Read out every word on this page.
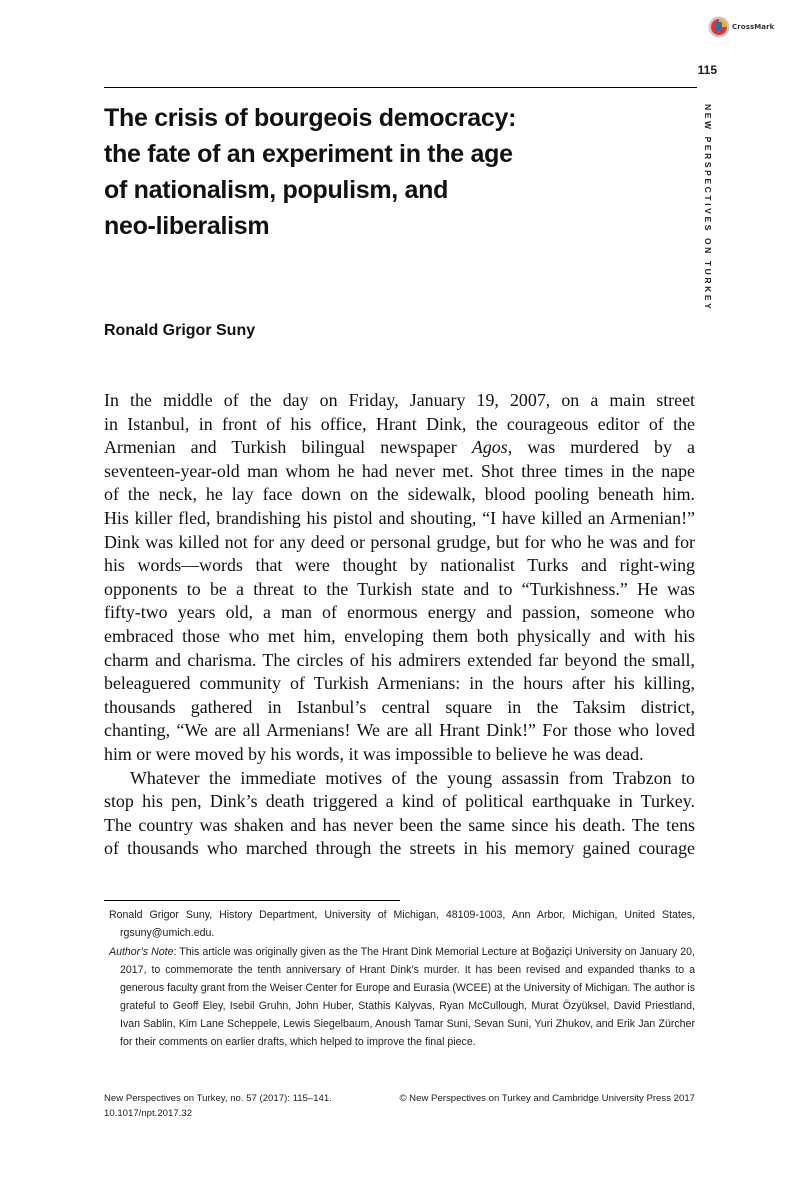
CrossMark
115
NEW PERSPECTIVES ON TURKEY
The crisis of bourgeois democracy:
the fate of an experiment in the age
of nationalism, populism, and
neo-liberalism

Ronald Grigor Suny

In the middle of the day on Friday, January 19, 2007, on a main street
in Istanbul, in front of his office, Hrant Dink, the courageous editor of the
Armenian and Turkish bilingual newspaper Agos, was murdered by a
seventeen-year-old man whom he had never met. Shot three times in the nape
of the neck, he lay face down on the sidewalk, blood pooling beneath him.
His killer fled, brandishing his pistol and shouting, “I have killed an Armenian!”
Dink was killed not for any deed or personal grudge, but for who he was and for
his words—words that were thought by nationalist Turks and right-wing
opponents to be a threat to the Turkish state and to “Turkishness.” He was
fifty-two years old, a man of enormous energy and passion, someone who
embraced those who met him, enveloping them both physically and with his
charm and charisma. The circles of his admirers extended far beyond the small,
beleaguered community of Turkish Armenians: in the hours after his killing,
thousands gathered in Istanbul’s central square in the Taksim district,
chanting, “We are all Armenians! We are all Hrant Dink!” For those who loved
him or were moved by his words, it was impossible to believe he was dead.
Whatever the immediate motives of the young assassin from Trabzon to
stop his pen, Dink’s death triggered a kind of political earthquake in Turkey.
The country was shaken and has never been the same since his death. The tens
of thousands who marched through the streets in his memory gained courage

Ronald Grigor Suny, History Department, University of Michigan, 48109-1003, Ann Arbor, Michigan, United States, rgsuny@umich.edu.

Author’s Note: This article was originally given as the The Hrant Dink Memorial Lecture at Boğaziçi University on January 20, 2017, to commemorate the tenth anniversary of Hrant Dink’s murder. It has been revised and expanded thanks to a generous faculty grant from the Weiser Center for Europe and Eurasia (WCEE) at the University of Michigan. The author is grateful to Geoff Eley, Isebil Gruhn, John Huber, Stathis Kalyvas, Ryan McCullough, Murat Özyüksel, David Priestland, Ivan Sablin, Kim Lane Scheppele, Lewis Siegelbaum, Anoush Tamar Suni, Sevan Suni, Yuri Zhukov, and Erik Jan Zürcher for their comments on earlier drafts, which helped to improve the final piece.

New Perspectives on Turkey, no. 57 (2017): 115–141.
10.1017/npt.2017.32
© New Perspectives on Turkey and Cambridge University Press 2017
